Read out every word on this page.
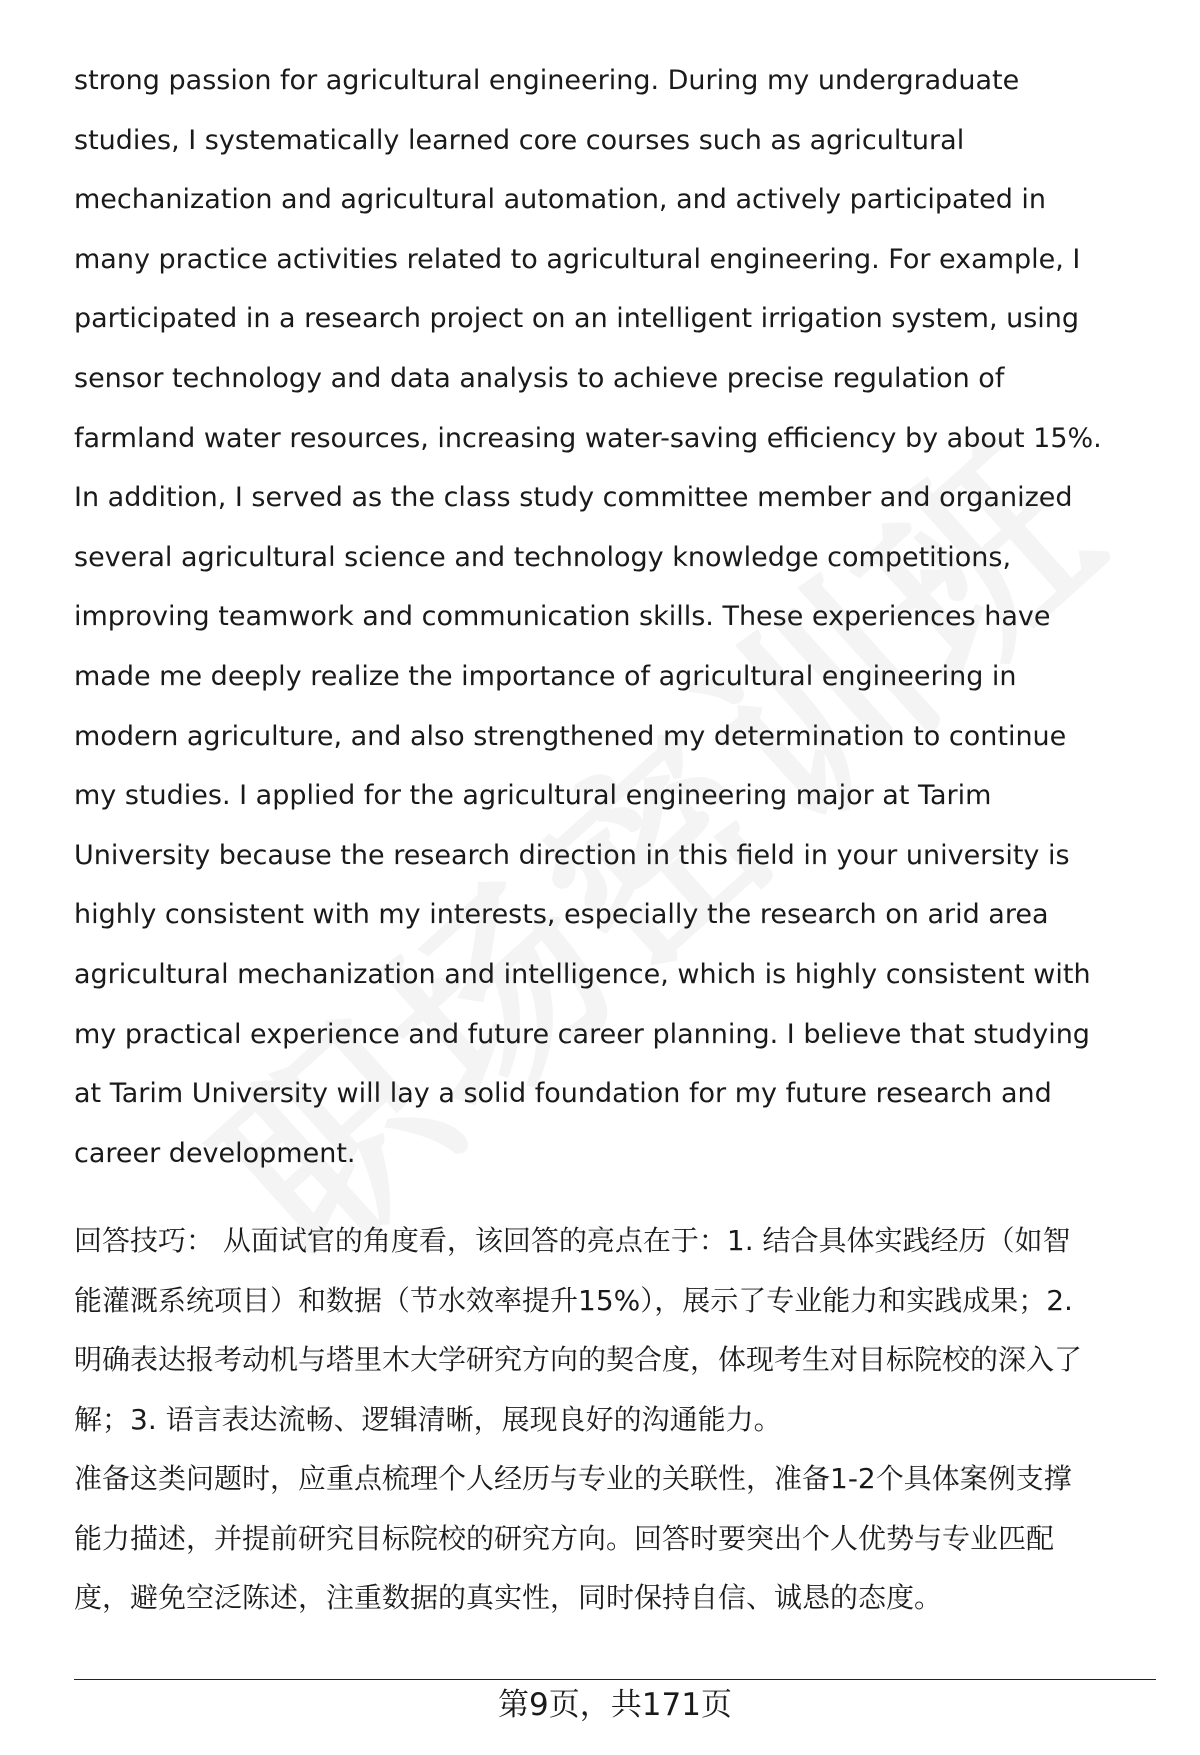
strong passion for agricultural engineering. During my undergraduate
studies, I systematically learned core courses such as agricultural
mechanization and agricultural automation, and actively participated in
many practice activities related to agricultural engineering. For example, I
participated in a research project on an intelligent irrigation system, using
sensor technology and data analysis to achieve precise regulation of
farmland water resources, increasing water-saving efficiency by about 15%.
In addition, I served as the class study committee member and organized
several agricultural science and technology knowledge competitions,
improving teamwork and communication skills. These experiences have
made me deeply realize the importance of agricultural engineering in
modern agriculture, and also strengthened my determination to continue
my studies. I applied for the agricultural engineering major at Tarim
University because the research direction in this field in your university is
highly consistent with my interests, especially the research on arid area
agricultural mechanization and intelligence, which is highly consistent with
my practical experience and future career planning. I believe that studying
at Tarim University will lay a solid foundation for my future research and
career development.
回答技巧： 从面试官的角度看，该回答的亮点在于：1. 结合具体实践经历（如智
能灌溉系统项目）和数据（节水效率提升15%），展示了专业能力和实践成果；2.
明确表达报考动机与塔里木大学研究方向的契合度，体现考生对目标院校的深入了
解；3. 语言表达流畅、逻辑清晰，展现良好的沟通能力。
准备这类问题时，应重点梳理个人经历与专业的关联性，准备1-2个具体案例支撑
能力描述，并提前研究目标院校的研究方向。回答时要突出个人优势与专业匹配
度，避免空泛陈述，注重数据的真实性，同时保持自信、诚恳的态度。
第9页，共171页
